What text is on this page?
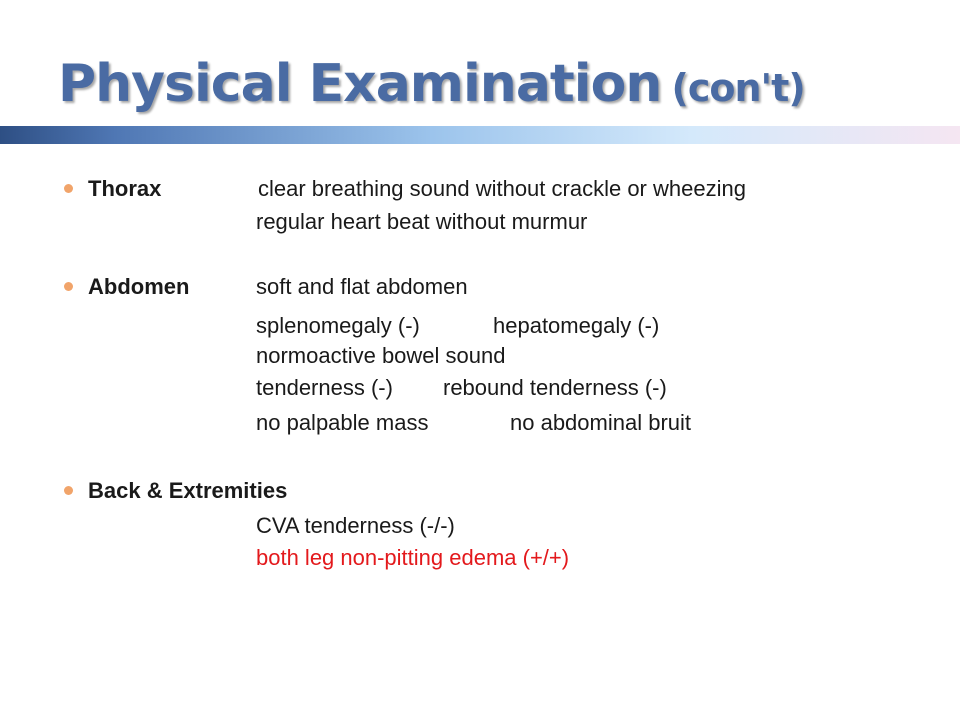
Physical Examination (con't)
Thorax	clear breathing sound without crackle or wheezing
regular heart beat without murmur
Abdomen	soft and flat abdomen
splenomegaly (-)	hepatomegaly (-)
normoactive bowel sound
tenderness (-) rebound tenderness (-)
no palpable mass	no abdominal bruit
Back & Extremities
CVA tenderness (-/-)
both leg non-pitting edema (+/+)
